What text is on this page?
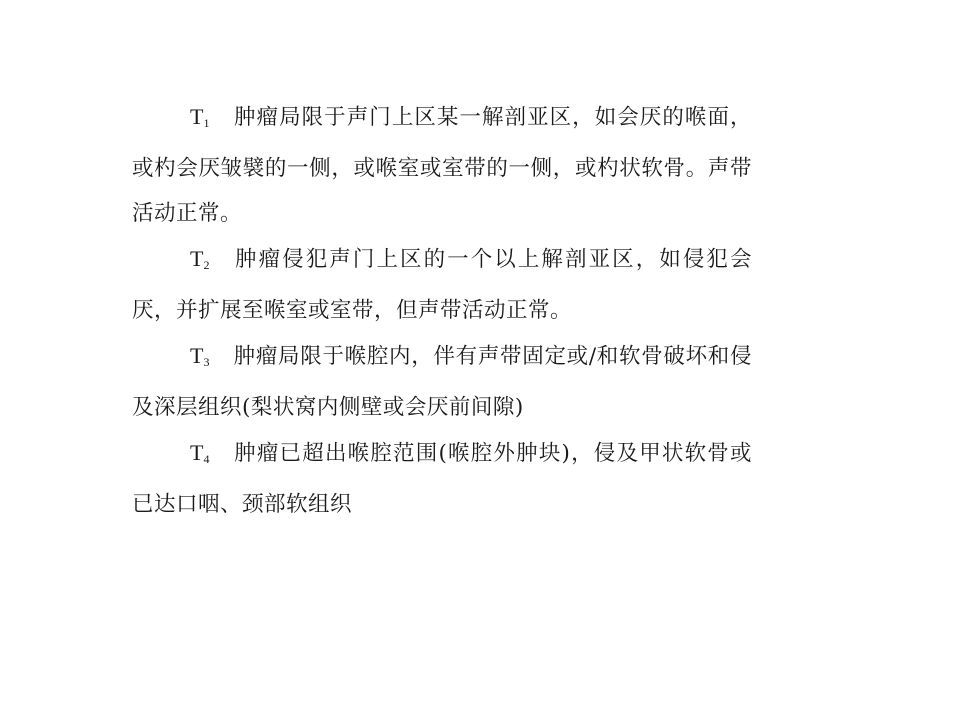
$T_1$ 肿瘤局限于声门上区某一解剖亚区，如会厌的喉面，或杓会厌皱襞的一侧，或喉室或室带的一侧，或杓状软骨。声带活动正常。

$T_2$ 肿瘤侵犯声门上区的一个以上解剖亚区，如侵犯会厌，并扩展至喉室或室带，但声带活动正常。

$T_3$ 肿瘤局限于喉腔内，伴有声带固定或/和软骨破坏和侵及深层组织(梨状窝内侧壁或会厌前间隙)

$T_4$ 肿瘤已超出喉腔范围(喉腔外肿块)，侵及甲状软骨或已达口咽、颈部软组织
